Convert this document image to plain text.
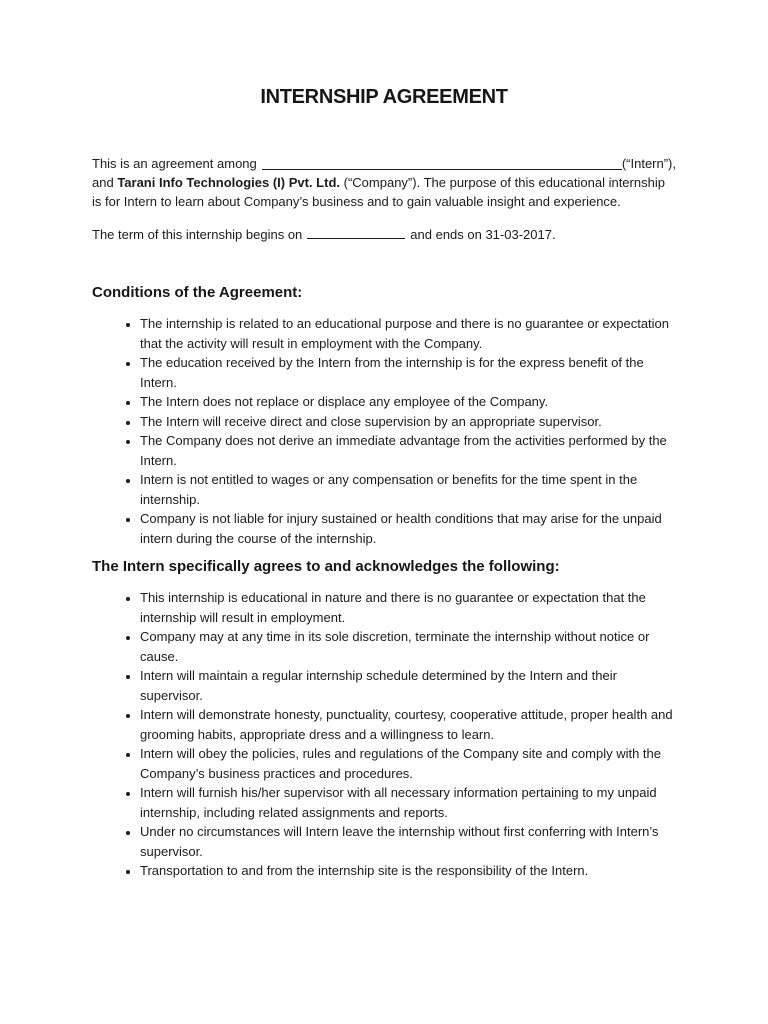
INTERNSHIP AGREEMENT
This is an agreement among	(“Intern”),
and Tarani Info Technologies (I) Pvt. Ltd. (“Company”). The purpose of this educational internship is for Intern to learn about Company’s business and to gain valuable insight and experience.
The term of this internship begins on	and ends on 31-03-2017.
Conditions of the Agreement:
• The internship is related to an educational purpose and there is no guarantee or expectation that the activity will result in employment with the Company.
• The education received by the Intern from the internship is for the express benefit of the Intern.
• The Intern does not replace or displace any employee of the Company.
• The Intern will receive direct and close supervision by an appropriate supervisor.
• The Company does not derive an immediate advantage from the activities performed by the Intern.
• Intern is not entitled to wages or any compensation or benefits for the time spent in the internship.
• Company is not liable for injury sustained or health conditions that may arise for the unpaid intern during the course of the internship.
The Intern specifically agrees to and acknowledges the following:
• This internship is educational in nature and there is no guarantee or expectation that the internship will result in employment.
• Company may at any time in its sole discretion, terminate the internship without notice or cause.
• Intern will maintain a regular internship schedule determined by the Intern and their supervisor.
• Intern will demonstrate honesty, punctuality, courtesy, cooperative attitude, proper health and grooming habits, appropriate dress and a willingness to learn.
• Intern will obey the policies, rules and regulations of the Company site and comply with the Company’s business practices and procedures.
• Intern will furnish his/her supervisor with all necessary information pertaining to my unpaid internship, including related assignments and reports.
• Under no circumstances will Intern leave the internship without first conferring with Intern’s supervisor.
• Transportation to and from the internship site is the responsibility of the Intern.
